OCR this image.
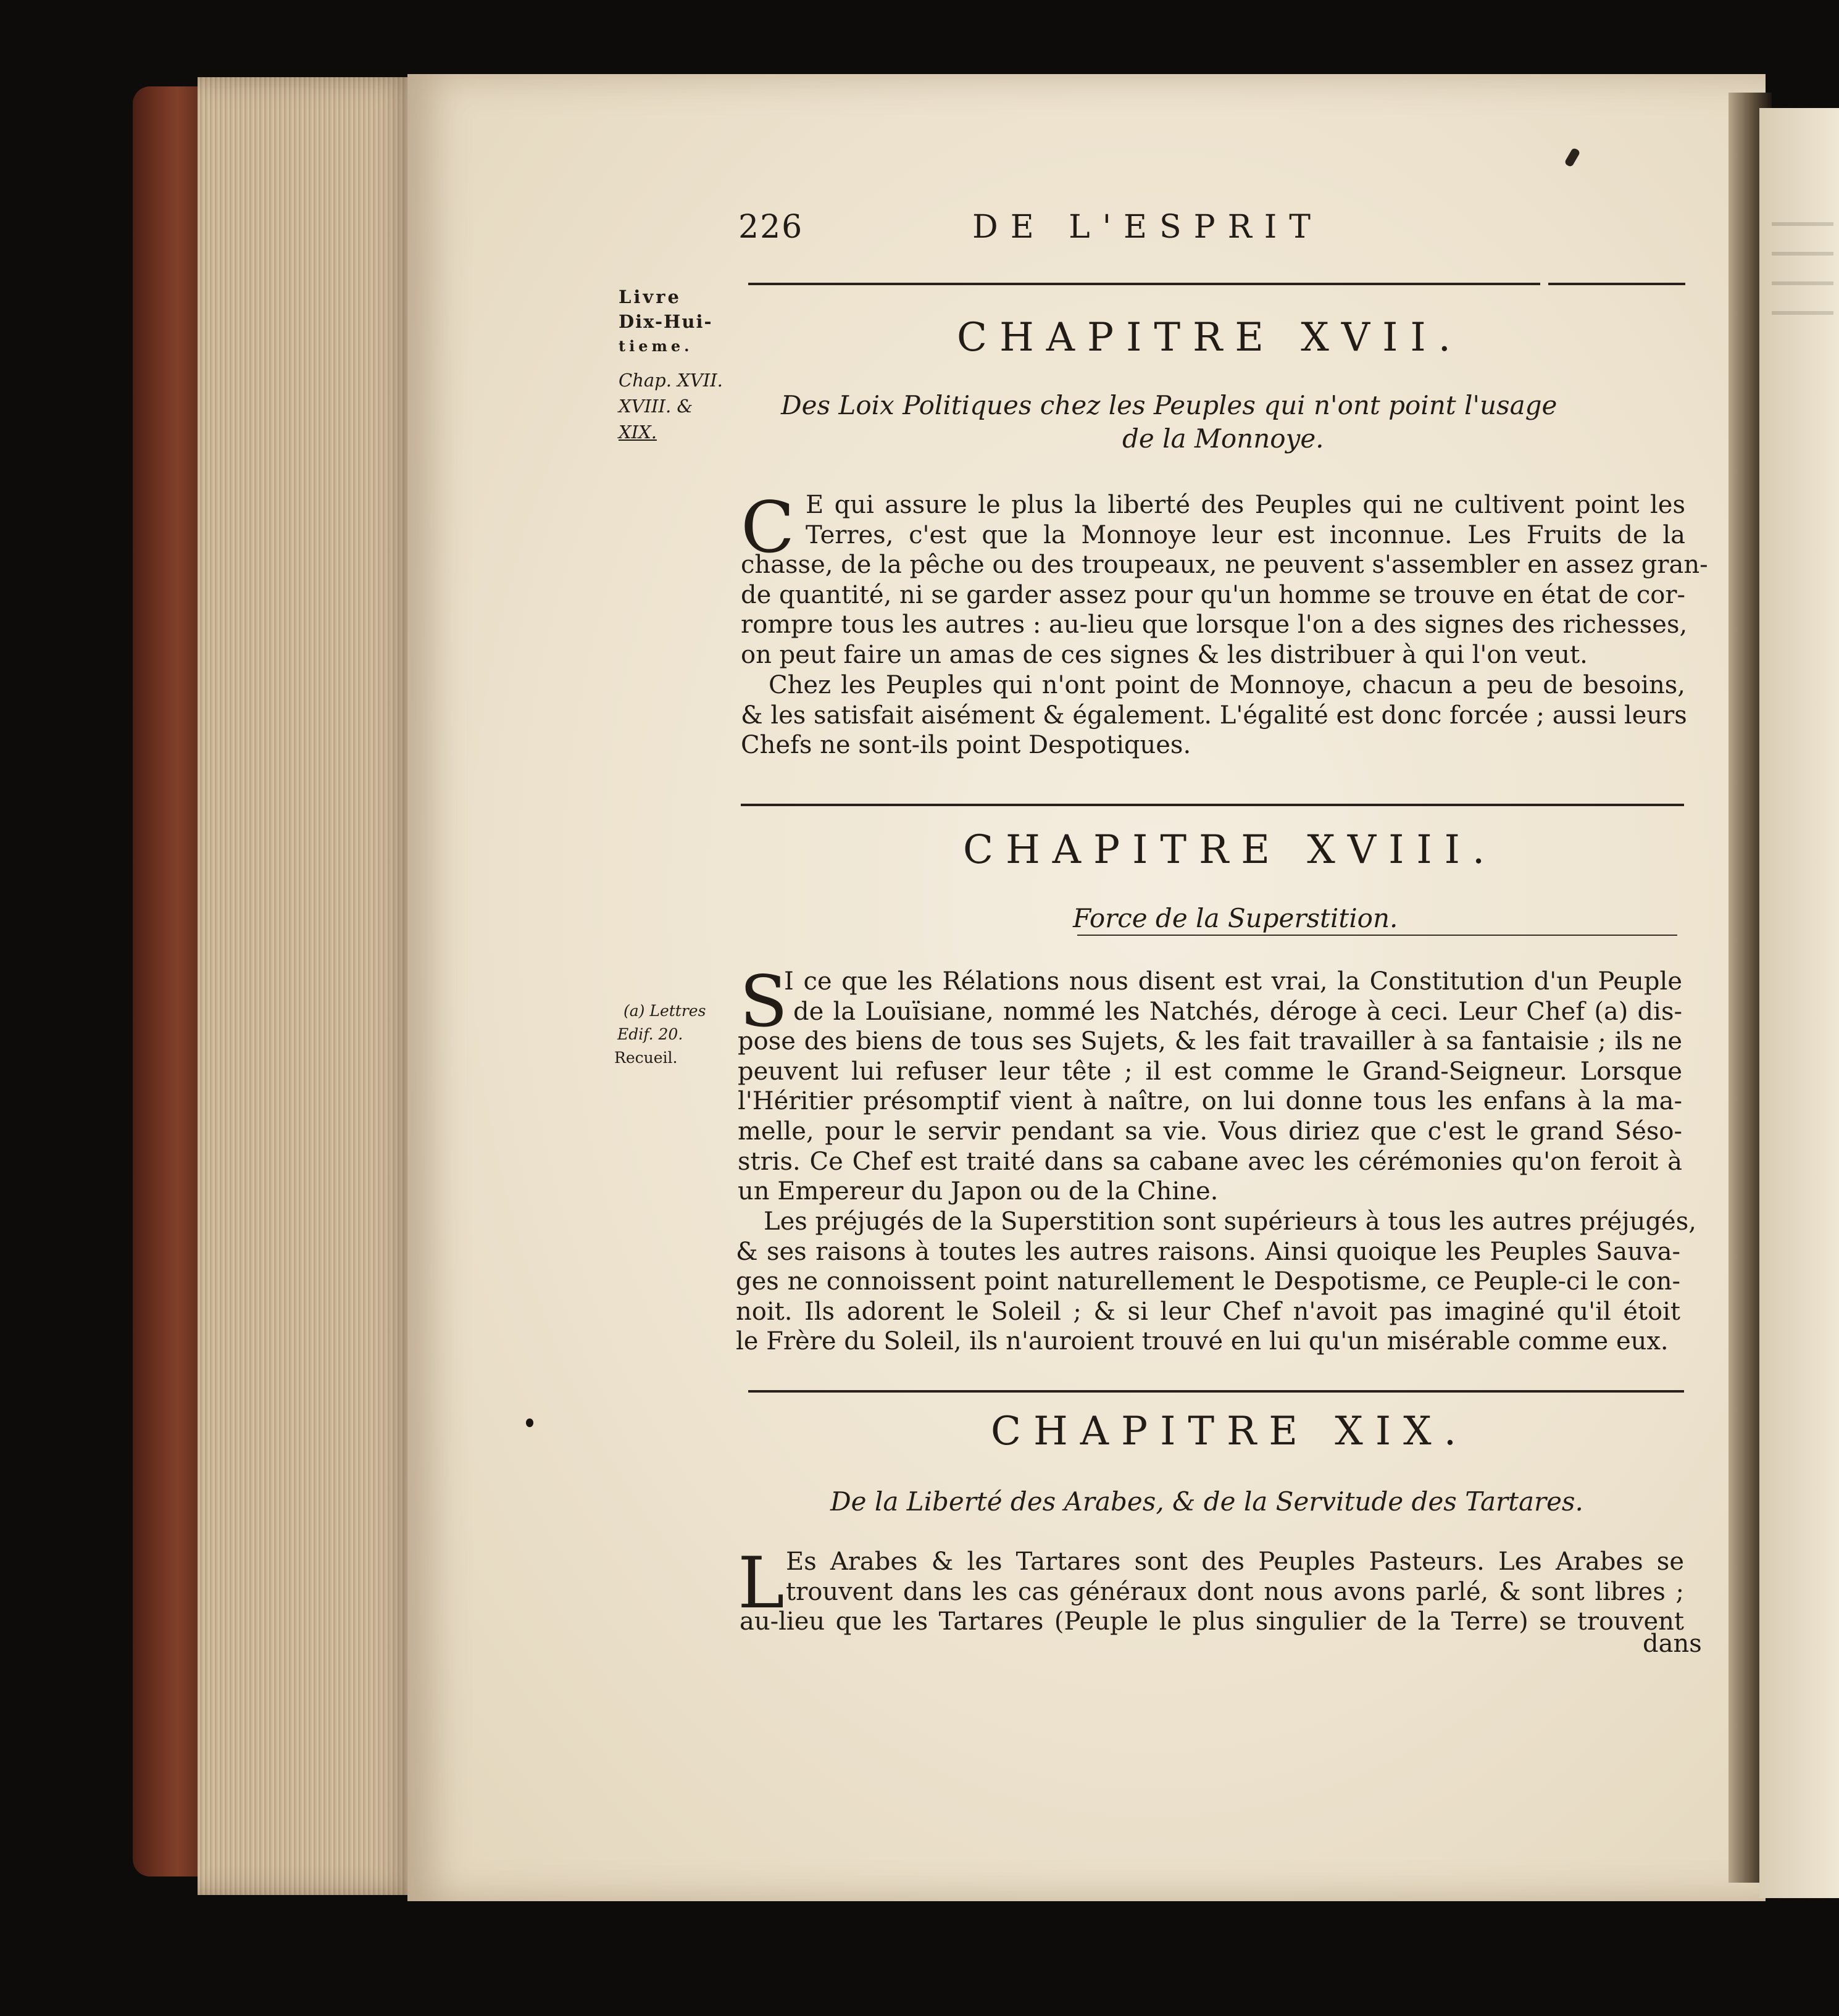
226	DE L'ESPRIT
Livre
Dix-Hui-
tieme.
Chap. XVII.
XVIII. &
XIX.
(a) Lettres
Edif. 20.
Recueil.
CHAPITRE XVII.
Des Loix Politiques chez les Peuples qui n'ont point l'usage
de la Monnoye.
C E qui assure le plus la liberté des Peuples qui ne cultivent point les
Terres, c'est que la Monnoye leur est inconnue. Les Fruits de la
chasse, de la pêche ou des troupeaux, ne peuvent s'assembler en assez gran-
de quantité, ni se garder assez pour qu'un homme se trouve en état de cor-
rompre tous les autres : au-lieu que lorsque l'on a des signes des richesses,
on peut faire un amas de ces signes & les distribuer à qui l'on veut.
Chez les Peuples qui n'ont point de Monnoye, chacun a peu de besoins,
& les satisfait aisément & également. L'égalité est donc forcée ; aussi leurs
Chefs ne sont-ils point Despotiques.
CHAPITRE XVIII.
Force de la Superstition.
S
I ce que les Rélations nous disent est vrai, la Constitution d'un Peuple
de la Louïsiane, nommé les Natchés, déroge à ceci. Leur Chef (a) dis-
pose des biens de tous ses Sujets, & les fait travailler à sa fantaisie ; ils ne
peuvent lui refuser leur tête ; il est comme le Grand-Seigneur. Lorsque
l'Héritier présomptif vient à naître, on lui donne tous les enfans à la ma-
melle, pour le servir pendant sa vie. Vous diriez que c'est le grand Séso-
stris. Ce Chef est traité dans sa cabane avec les cérémonies qu'on feroit à
un Empereur du Japon ou de la Chine.
Les préjugés de la Superstition sont supérieurs à tous les autres préjugés,
& ses raisons à toutes les autres raisons. Ainsi quoique les Peuples Sauva-
ges ne connoissent point naturellement le Despotisme, ce Peuple-ci le con-
noit. Ils adorent le Soleil ; & si leur Chef n'avoit pas imaginé qu'il étoit
le Frère du Soleil, ils n'auroient trouvé en lui qu'un misérable comme eux.
CHAPITRE XIX.
De la Liberté des Arabes, & de la Servitude des Tartares.
L Es Arabes & les Tartares sont des Peuples Pasteurs. Les Arabes se
trouvent dans les cas généraux dont nous avons parlé, & sont libres ;
au-lieu que les Tartares (Peuple le plus singulier de la Terre) se trouvent
dans
